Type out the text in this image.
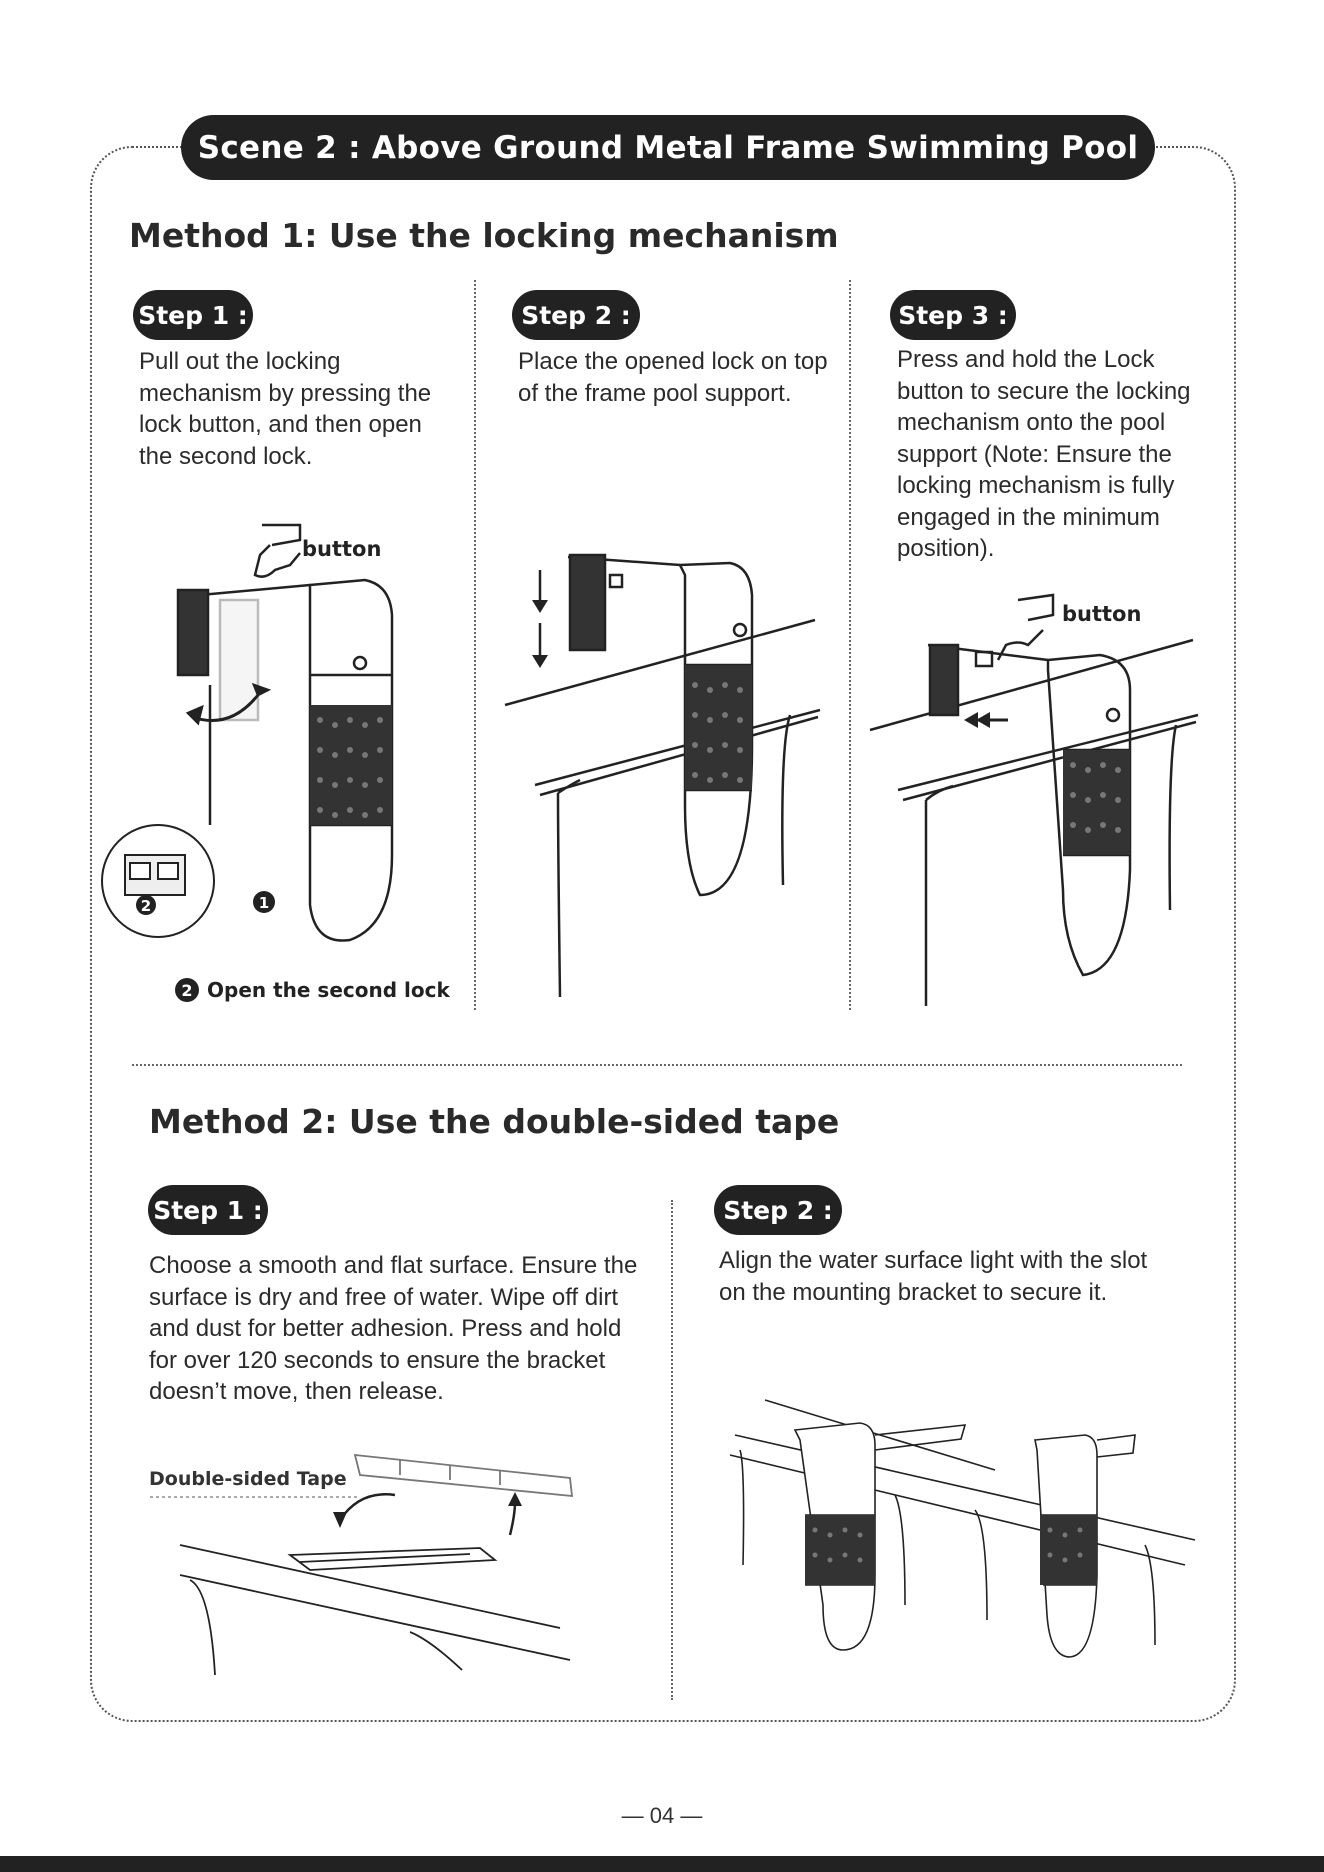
Scene 2 : Above Ground Metal Frame Swimming Pool
Method 1: Use the locking mechanism
Step 1 :
Pull out the locking mechanism by pressing the lock button, and then open the second lock.
Step 2 :
Place the opened lock on top of the frame pool support.
Step 3 :
Press and hold the Lock button to secure the locking mechanism onto the pool support (Note: Ensure the locking mechanism is fully engaged in the minimum position).
2	1
button
2 Open the second lock
button
Method 2: Use the double-sided tape
Step 1 :
Choose a smooth and flat surface. Ensure the surface is dry and free of water. Wipe off dirt and dust for better adhesion. Press and hold for over 120 seconds to ensure the bracket doesn’t move, then release.
Step 2 :
Align the water surface light with the slot on the mounting bracket to secure it.
Double-sided Tape
— 04 —
